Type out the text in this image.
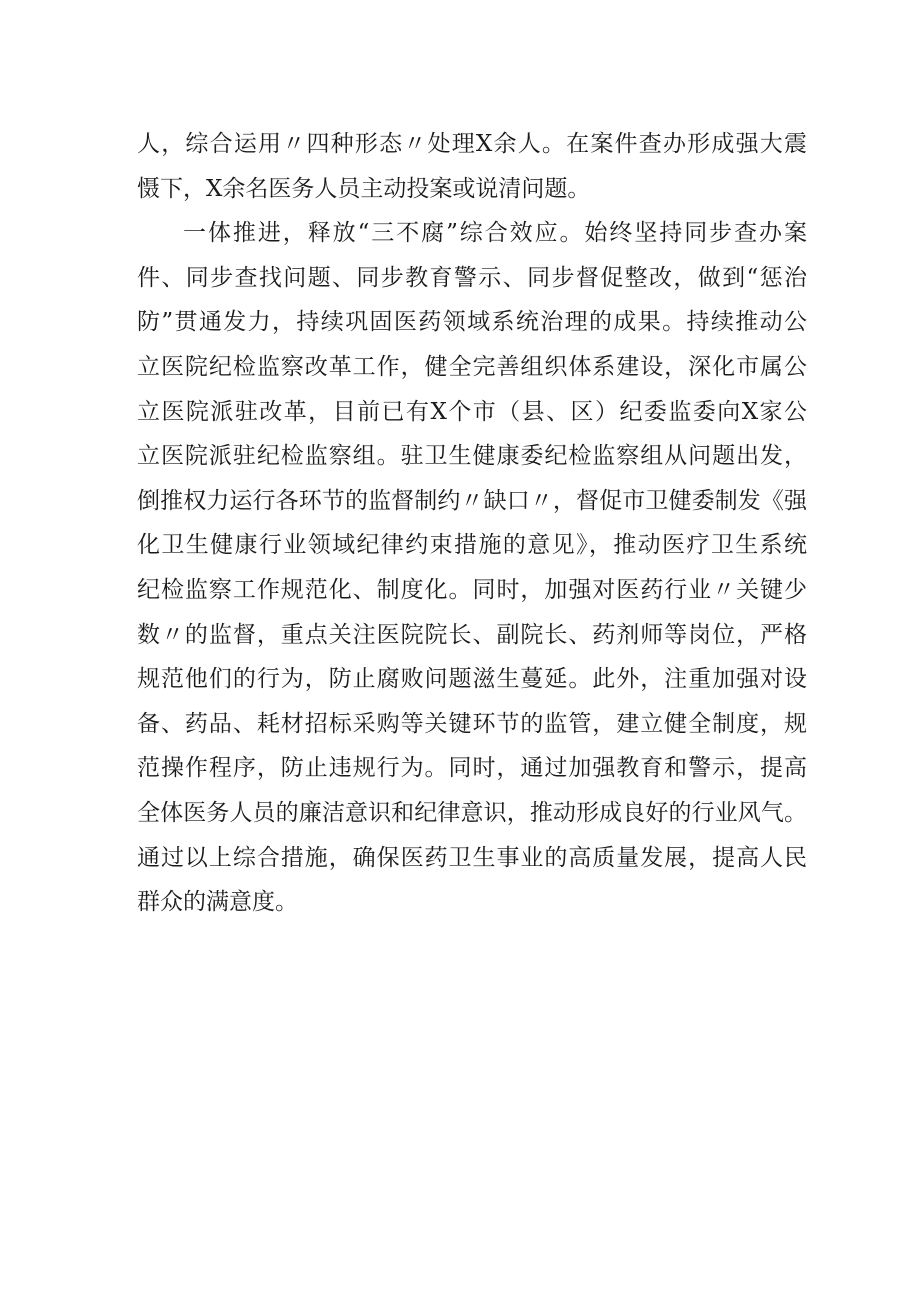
人，综合运用〃四种形态〃处理X余人。在案件查办形成强大震
慑下，X余名医务人员主动投案或说清问题。
一体推进，释放“三不腐”综合效应。始终坚持同步查办案
件、同步查找问题、同步教育警示、同步督促整改，做到“惩治
防”贯通发力，持续巩固医药领域系统治理的成果。持续推动公
立医院纪检监察改革工作，健全完善组织体系建设，深化市属公
立医院派驻改革，目前已有X个市（县、区）纪委监委向X家公
立医院派驻纪检监察组。驻卫生健康委纪检监察组从问题出发，
倒推权力运行各环节的监督制约〃缺口〃，督促市卫健委制发《强
化卫生健康行业领域纪律约束措施的意见》，推动医疗卫生系统
纪检监察工作规范化、制度化。同时，加强对医药行业〃关键少
数〃的监督，重点关注医院院长、副院长、药剂师等岗位，严格
规范他们的行为，防止腐败问题滋生蔓延。此外，注重加强对设
备、药品、耗材招标采购等关键环节的监管，建立健全制度，规
范操作程序，防止违规行为。同时，通过加强教育和警示，提高
全体医务人员的廉洁意识和纪律意识，推动形成良好的行业风气。
通过以上综合措施，确保医药卫生事业的高质量发展，提高人民
群众的满意度。
